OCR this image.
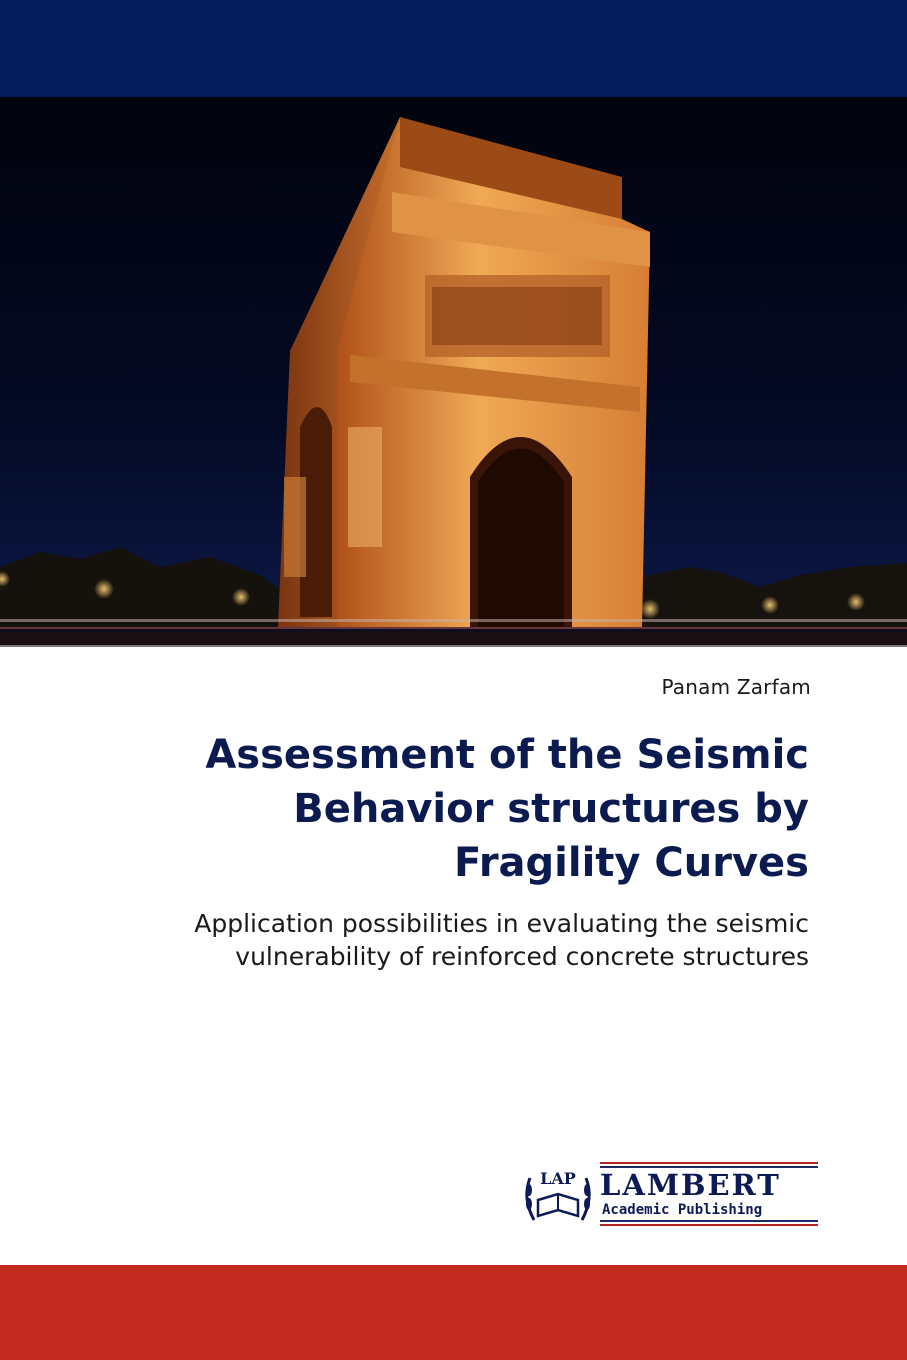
Panam Zarfam
Assessment of the Seismic Behavior structures by Fragility Curves
Application possibilities in evaluating the seismic vulnerability of reinforced concrete structures
LAP LAMBERT
Academic Publishing
